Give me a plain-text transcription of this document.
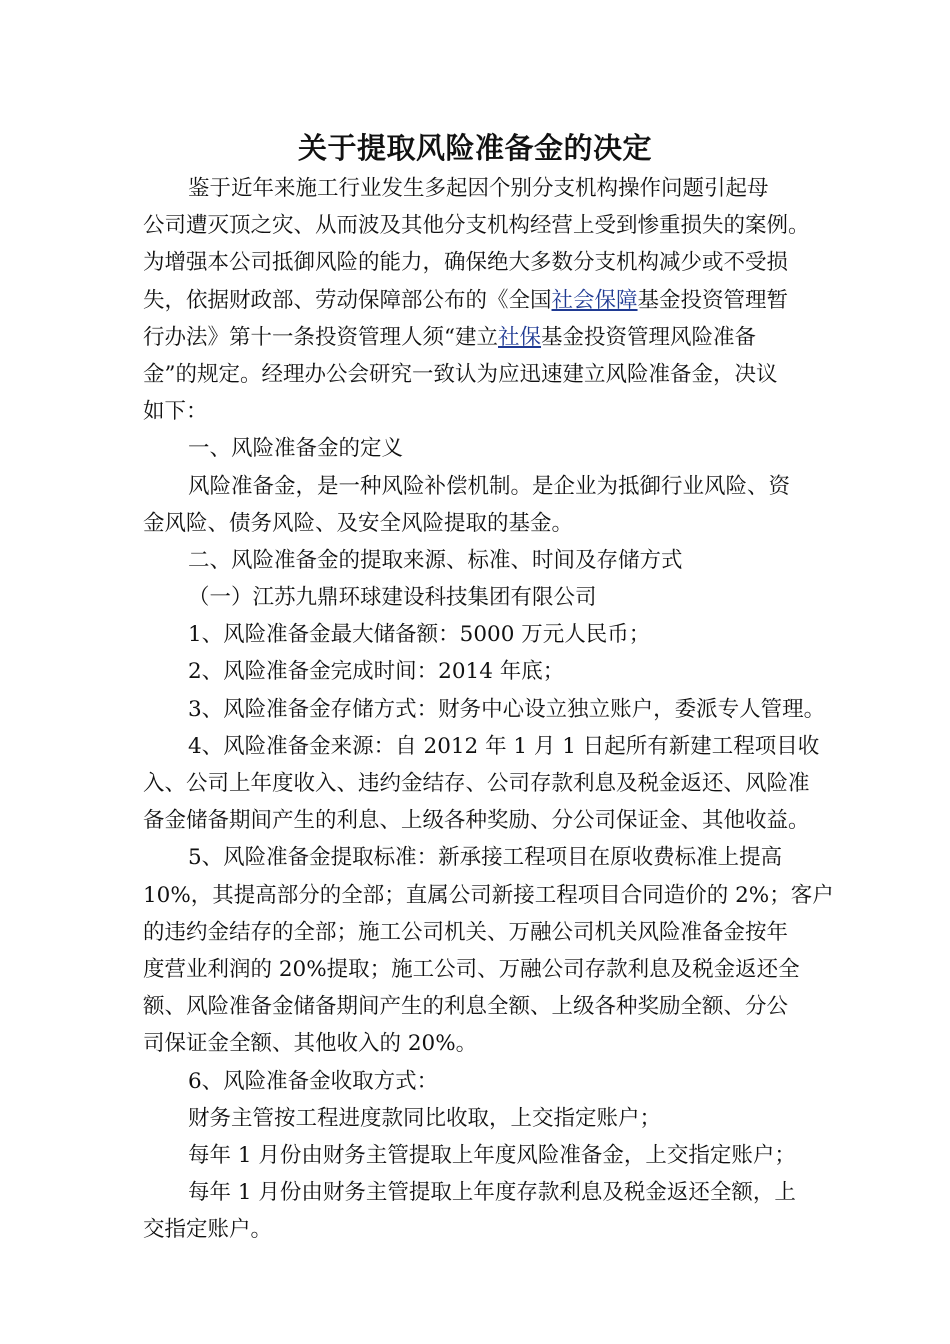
关于提取风险准备金的决定
鉴于近年来施工行业发生多起因个别分支机构操作问题引起母
公司遭灭顶之灾、从而波及其他分支机构经营上受到惨重损失的案例。
为增强本公司抵御风险的能力，确保绝大多数分支机构减少或不受损
失，依据财政部、劳动保障部公布的《全国社会保障基金投资管理暂
行办法》第十一条投资管理人须“建立社保基金投资管理风险准备
金”的规定。经理办公会研究一致认为应迅速建立风险准备金，决议
如下：
一、风险准备金的定义
风险准备金，是一种风险补偿机制。是企业为抵御行业风险、资
金风险、债务风险、及安全风险提取的基金。
二、风险准备金的提取来源、标准、时间及存储方式
（一）江苏九鼎环球建设科技集团有限公司
1、风险准备金最大储备额：5000 万元人民币；
2、风险准备金完成时间：2014 年底；
3、风险准备金存储方式：财务中心设立独立账户，委派专人管理。
4、风险准备金来源：自 2012 年 1 月 1 日起所有新建工程项目收
入、公司上年度收入、违约金结存、公司存款利息及税金返还、风险准
备金储备期间产生的利息、上级各种奖励、分公司保证金、其他收益。
5、风险准备金提取标准：新承接工程项目在原收费标准上提高
10%，其提高部分的全部；直属公司新接工程项目合同造价的 2%；客户
的违约金结存的全部；施工公司机关、万融公司机关风险准备金按年
度营业利润的 20%提取；施工公司、万融公司存款利息及税金返还全
额、风险准备金储备期间产生的利息全额、上级各种奖励全额、分公
司保证金全额、其他收入的 20%。
6、风险准备金收取方式：
财务主管按工程进度款同比收取，上交指定账户；
每年 1 月份由财务主管提取上年度风险准备金，上交指定账户；
每年 1 月份由财务主管提取上年度存款利息及税金返还全额，上
交指定账户。
